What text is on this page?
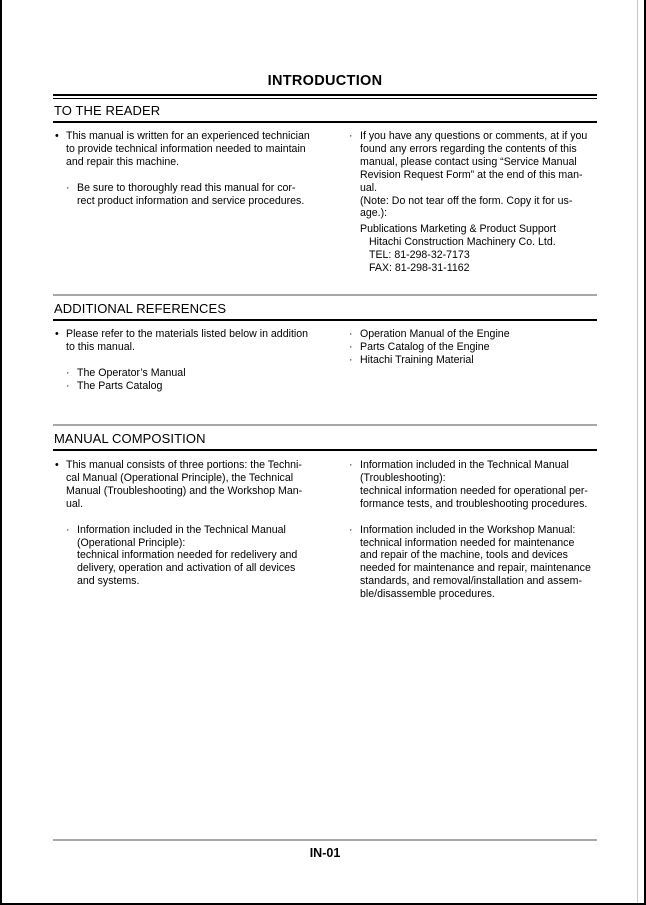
INTRODUCTION
TO THE READER
• This manual is written for an experienced technician
to provide technical information needed to maintain
and repair this machine.
· Be sure to thoroughly read this manual for cor-
rect product information and service procedures.
· If you have any questions or comments, at if you
found any errors regarding the contents of this
manual, please contact using “Service Manual
Revision Request Form” at the end of this man-
ual.
(Note: Do not tear off the form. Copy it for us-
age.):
Publications Marketing & Product Support
Hitachi Construction Machinery Co. Ltd.
TEL: 81-298-32-7173
FAX: 81-298-31-1162
ADDITIONAL REFERENCES
• Please refer to the materials listed below in addition
to this manual.
· The Operator’s Manual
· The Parts Catalog
· Operation Manual of the Engine
· Parts Catalog of the Engine
· Hitachi Training Material
MANUAL COMPOSITION
• This manual consists of three portions: the Techni-
cal Manual (Operational Principle), the Technical
Manual (Troubleshooting) and the Workshop Man-
ual.
· Information included in the Technical Manual
(Operational Principle):
technical information needed for redelivery and
delivery, operation and activation of all devices
and systems.
· Information included in the Technical Manual
(Troubleshooting):
technical information needed for operational per-
formance tests, and troubleshooting procedures.
· Information included in the Workshop Manual:
technical information needed for maintenance
and repair of the machine, tools and devices
needed for maintenance and repair, maintenance
standards, and removal/installation and assem-
ble/disassemble procedures.
IN-01
